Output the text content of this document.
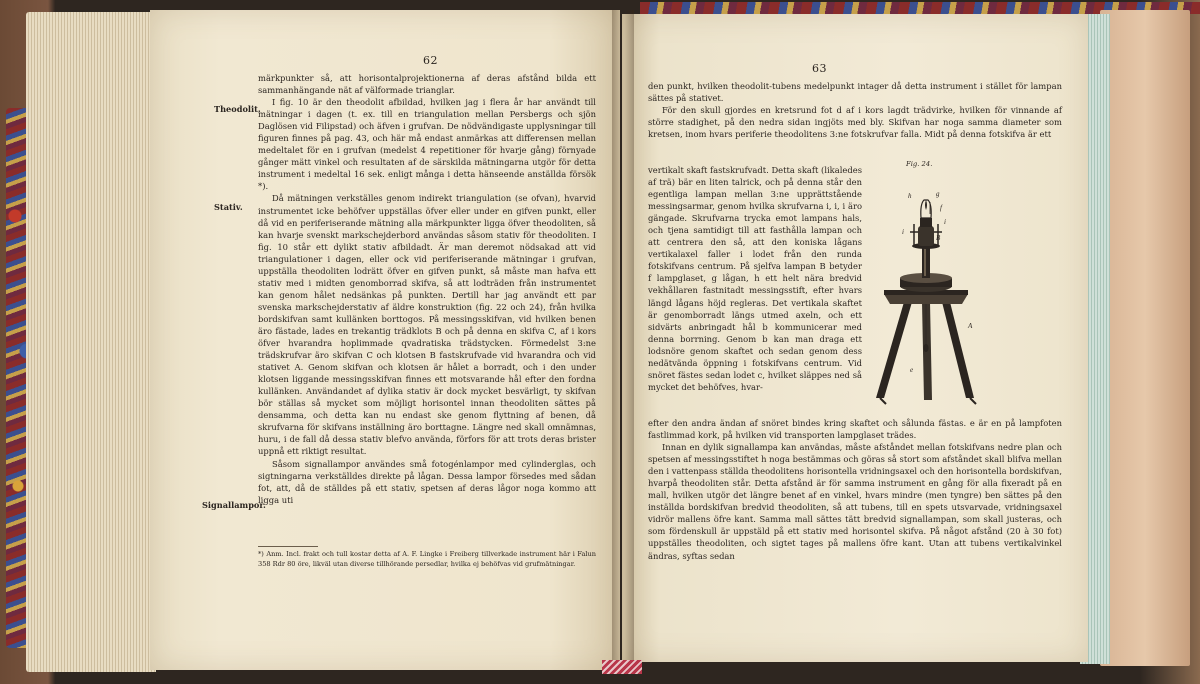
62
Theodolit.
Stativ.
Signallampor.

märkpunkter så, att horisontalprojektionerna af deras afstånd bilda ett sammanhängande nät af välformade trianglar.

I fig. 10 är den theodolit afbildad, hvilken jag i flera år har användt till mätningar i dagen (t. ex. till en triangulation mellan Persbergs och sjön Daglösen vid Filipstad) och äfven i grufvan. De nödvändigaste upplysningar till figuren finnes på pag. 43, och här må endast anmärkas att differensen mellan medeltalet för en i grufvan (medelst 4 repetitioner för hvarje gång) förnyade gånger mätt vinkel och resultaten af de särskilda mätningarna utgör för detta instrument i medeltal 16 sek. enligt många i detta hänseende anställda försök *).

Då mätningen verkställes genom indirekt triangulation (se ofvan), hvarvid instrumentet icke behöfver uppställas öfver eller under en gifven punkt, eller då vid en periferiserande mätning alla märkpunkter ligga öfver theodoliten, så kan hvarje svenskt markschejderbord användas såsom stativ för theodoliten. I fig. 10 står ett dylikt stativ afbildadt. Är man deremot nödsakad att vid triangulationer i dagen, eller ock vid periferiserande mätningar i grufvan, uppställa theodoliten lodrätt öfver en gifven punkt, så måste man hafva ett stativ med i midten genomborrad skifva, så att lodträden från instrumentet kan genom hålet nedsänkas på punkten. Dertill har jag användt ett par svenska markschejderstativ af äldre konstruktion (fig. 22 och 24), från hvilka bordskifvan samt kullänken borttogos. På messingsskifvan, vid hvilken benen äro fästade, lades en trekantig trädklots B och på denna en skifva C, af i kors öfver hvarandra hoplimmade qvadratiska trädstycken. Förmedelst 3:ne trädskrufvar äro skifvan C och klotsen B fastskrufvade vid hvarandra och vid stativet A. Genom skifvan och klotsen är hålet a borradt, och i den under klotsen liggande messingsskifvan finnes ett motsvarande hål efter den fordna kullänken. Användandet af dylika stativ är dock mycket besvärligt, ty skifvan bör ställas så mycket som möjligt horisontel innan theodoliten sättes på densamma, och detta kan nu endast ske genom flyttning af benen, då skrufvarna för skifvans inställning äro borttagne. Längre ned skall omnämnas, huru, i de fall då dessa stativ blefvo använda, förfors för att trots deras brister uppnå ett riktigt resultat.

Såsom signallampor användes små fotogénlampor med cylinderglas, och sigtningarna verkställdes direkte på lågan. Dessa lampor försedes med sådan fot, att, då de ställdes på ett stativ, spetsen af deras lågor noga kommo att ligga uti

*) Anm. Incl. frakt och tull kostar detta af A. F. Lingke i Freiberg tillverkade instrument här i Falun 358 Rdr 80 öre, likväl utan diverse tillhörande persedlar, hvilka ej behöfvas vid grufmätningar.
63

den punkt, hvilken theodolit-tubens medelpunkt intager då detta instrument i stället för lampan sättes på stativet.

För den skull gjordes en kretsrund fot d af i kors lagdt trädvirke, hvilken för vinnande af större stadighet, på den nedra sidan ingjöts med bly. Skifvan har noga samma diameter som kretsen, inom hvars periferie theodolitens 3:ne fotskrufvar falla. Midt på denna fotskifva är ett

vertikalt skaft fastskrufvadt. Detta skaft (likaledes af trä) bär en liten talrick, och på denna står den egentliga lampan mellan 3:ne upprättstående messingsarmar, genom hvilka skrufvarna i, i, i äro gängade. Skrufvarna trycka emot lampans hals, och tjena samtidigt till att fasthålla lampan och att centrera den så, att den koniska lågans vertikalaxel faller i lodet från den runda fotskifvans centrum. På sjelfva lampan B betyder f lampglaset, g lågan, h ett helt nära bredvid vekhållaren fastnitadt messingsstift, efter hvars längd lågans höjd regleras. Det vertikala skaftet är genomborradt längs utmed axeln, och ett sidvärts anbringadt hål b kommunicerar med denna borrning. Genom b kan man draga ett lodsnöre genom skaftet och sedan genom dess nedätvända öppning i fotskifvans centrum. Vid snöret fästes sedan lodet c, hvilket släppes ned så mycket det behöfves, hvar-

efter den andra ändan af snöret bindes kring skaftet och sålunda fästas. e är en på lampfoten fastlimmad kork, på hvilken vid transporten lampglaset trädes.

Innan en dylik signallampa kan användas, måste afståndet mellan fotskifvans nedre plan och spetsen af messingsstiftet h noga bestämmas och göras så stort som afståndet skall blifva mellan den i vattenpass ställda theodolitens horisontella vridningsaxel och den horisontella bordskifvan, hvarpå theodoliten står. Detta afstånd är för samma instrument en gång för alla fixeradt på en mall, hvilken utgör det längre benet af en vinkel, hvars mindre (men tyngre) ben sättes på den inställda bordskifvan bredvid theodoliten, så att tubens, till en spets utsvarvade, vridningsaxel vidrör mallens öfre kant. Samma mall sättes tätt bredvid signallampan, som skall justeras, och som fördenskull är uppstäld på ett stativ med horisontel skifva. På något afstånd (20 à 30 fot) uppställes theodoliten, och sigtet tages på mallens öfre kant. Utan att tubens vertikalvinkel ändras, syftas sedan

Fig. 24.
h	g
i
i
B
f
A
e
